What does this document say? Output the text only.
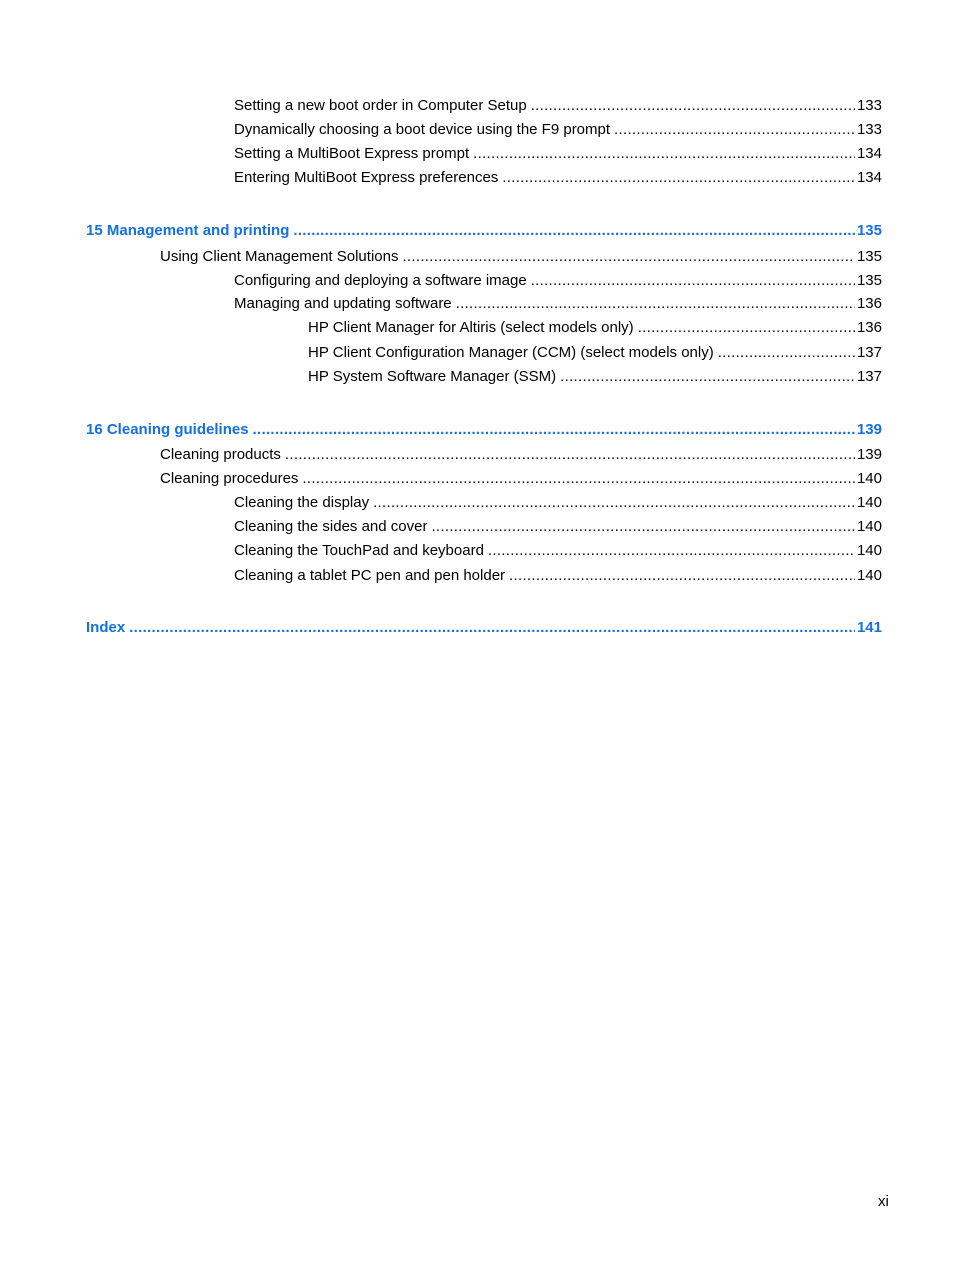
Setting a new boot order in Computer Setup .....	133
Dynamically choosing a boot device using the F9 prompt .....	133
Setting a MultiBoot Express prompt .....	134
Entering MultiBoot Express preferences .....	134
15 Management and printing .....	135
Using Client Management Solutions .....	135
Configuring and deploying a software image .....	135
Managing and updating software .....	136
HP Client Manager for Altiris (select models only) .....	136
HP Client Configuration Manager (CCM) (select models only) .....	137
HP System Software Manager (SSM) .....	137
16 Cleaning guidelines .....	139
Cleaning products .....	139
Cleaning procedures .....	140
Cleaning the display .....	140
Cleaning the sides and cover .....	140
Cleaning the TouchPad and keyboard .....	140
Cleaning a tablet PC pen and pen holder .....	140
Index .....	141
xi
